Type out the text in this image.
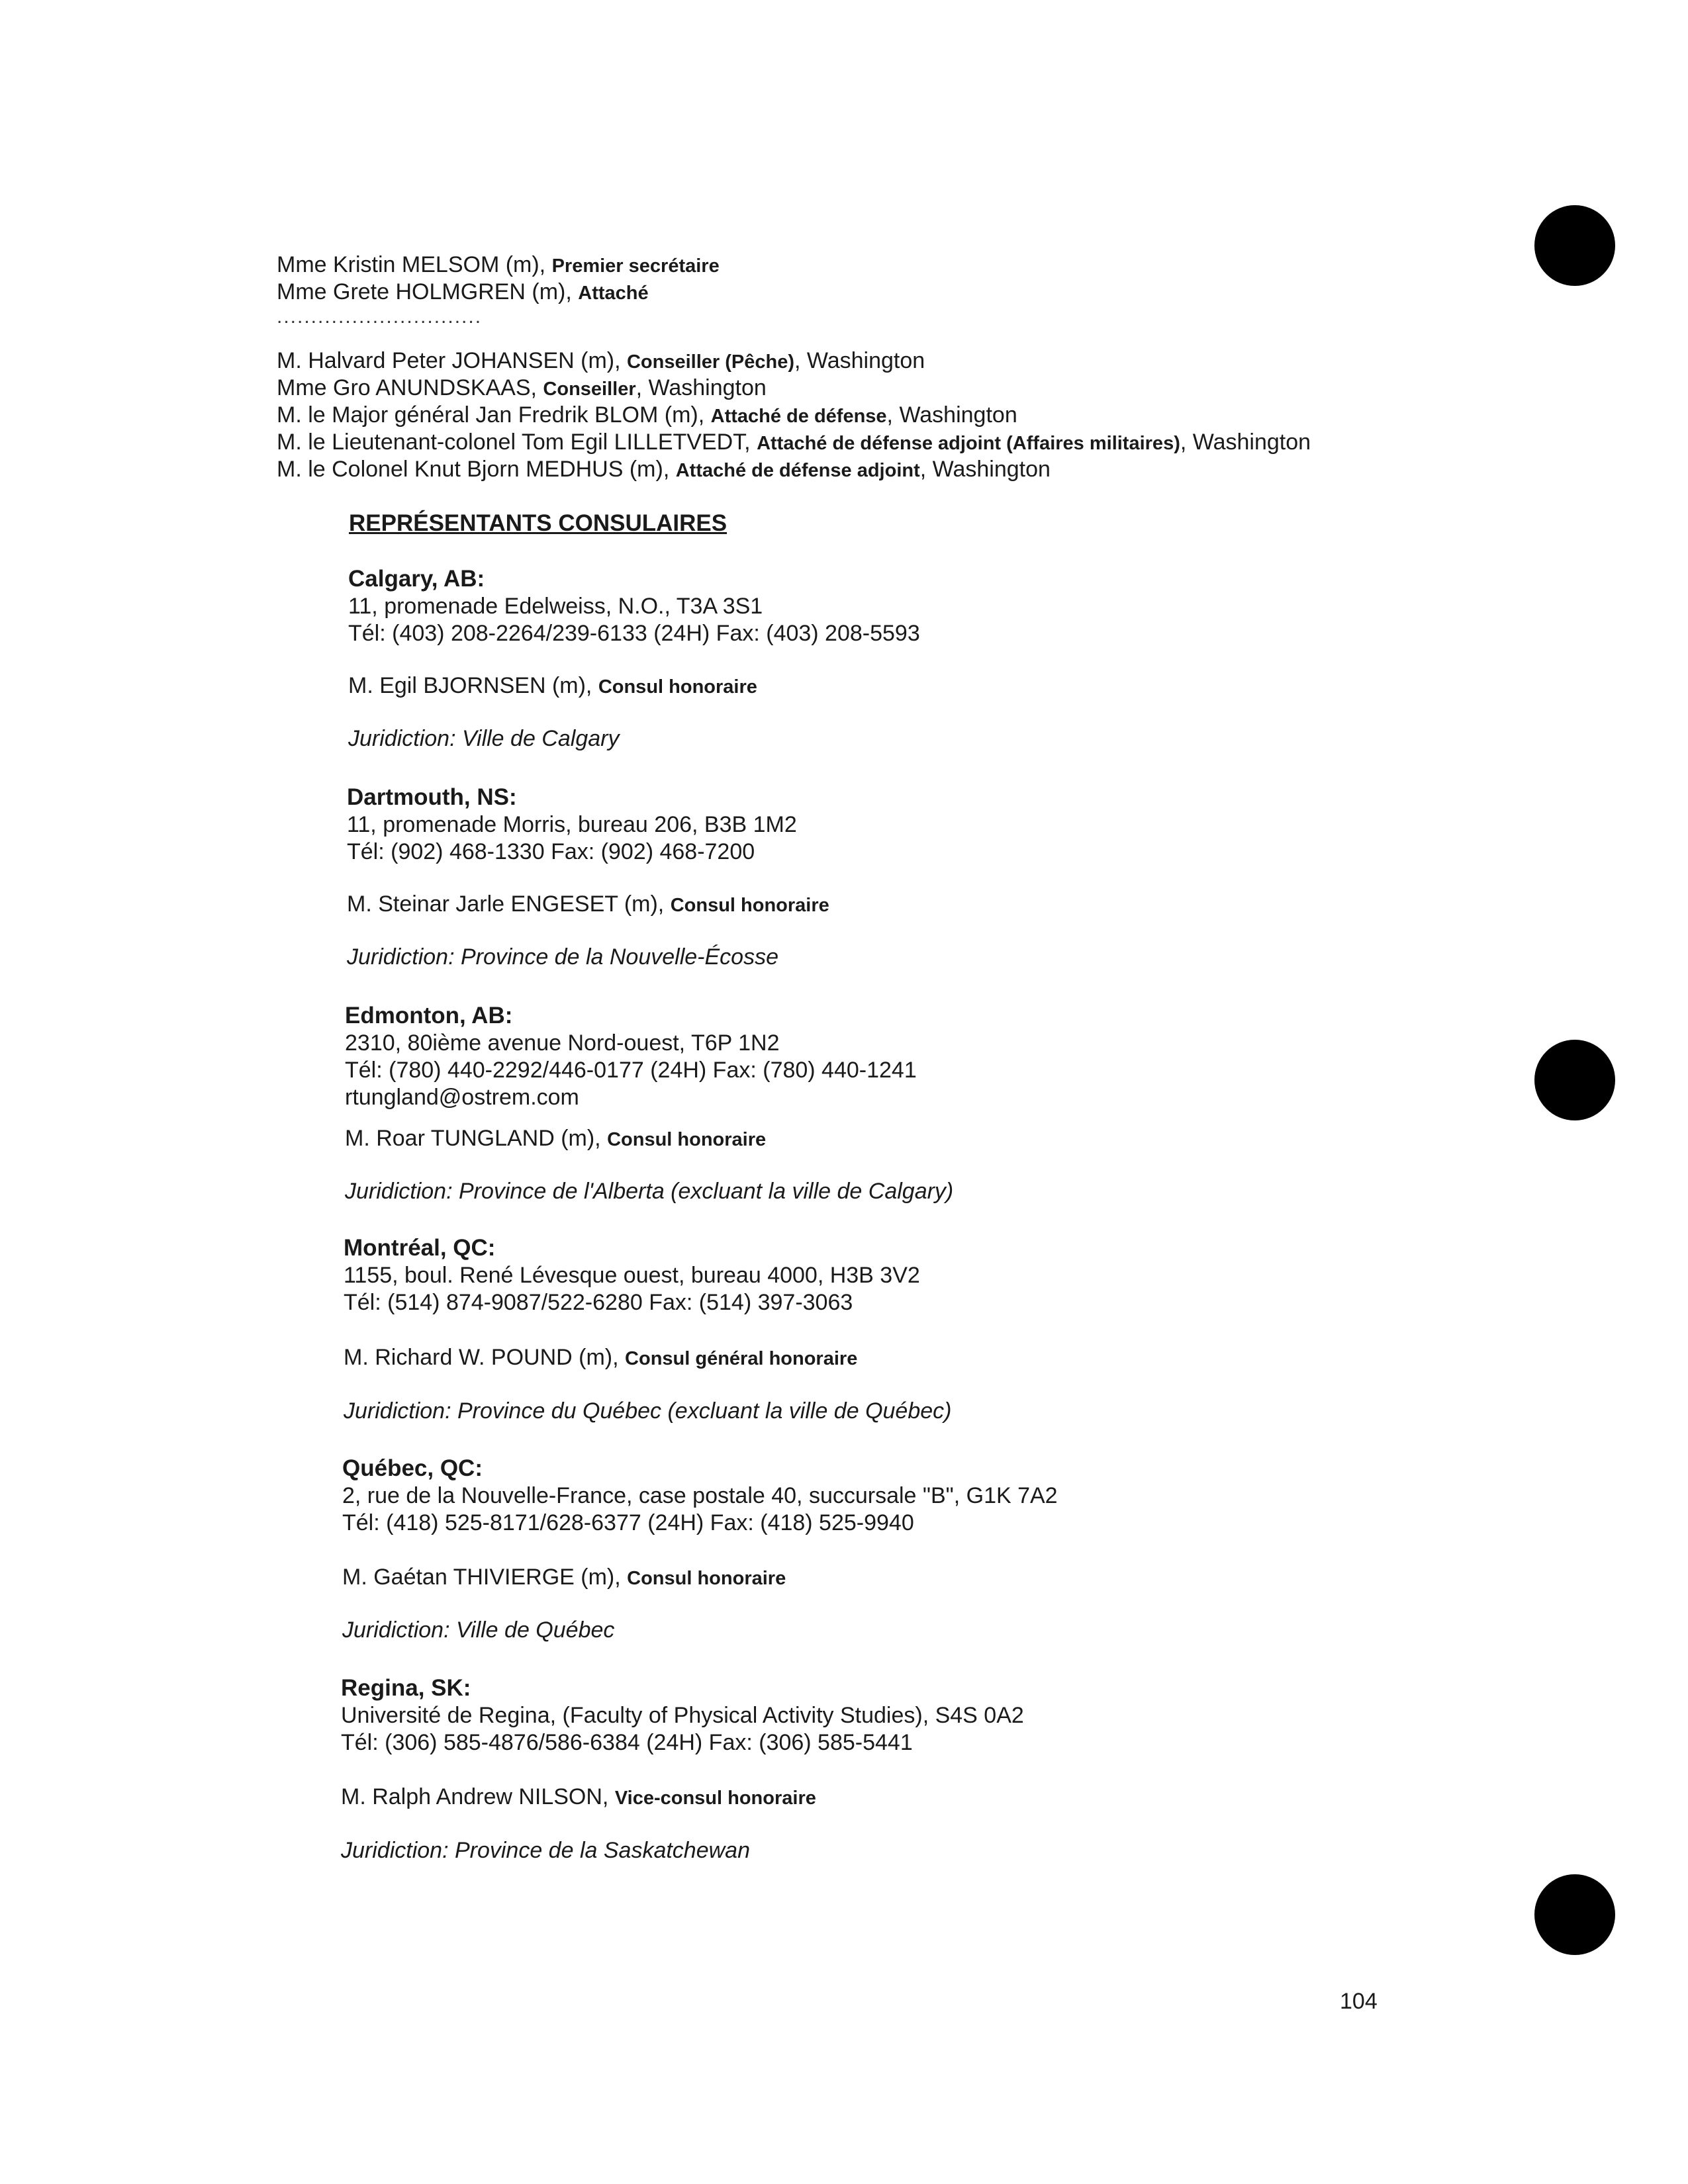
Mme Kristin MELSOM (m), Premier secrétaire
Mme Grete HOLMGREN (m), Attaché
..............................
M. Halvard Peter JOHANSEN (m), Conseiller (Pêche), Washington
Mme Gro ANUNDSKAAS, Conseiller, Washington
M. le Major général Jan Fredrik BLOM (m), Attaché de défense, Washington
M. le Lieutenant-colonel Tom Egil LILLETVEDT, Attaché de défense adjoint (Affaires militaires), Washington
M. le Colonel Knut Bjorn MEDHUS (m), Attaché de défense adjoint, Washington
REPRÉSENTANTS CONSULAIRES
Calgary, AB:
11, promenade Edelweiss, N.O., T3A 3S1
Tél: (403) 208-2264/239-6133 (24H) Fax: (403) 208-5593
M. Egil BJORNSEN (m), Consul honoraire
Juridiction: Ville de Calgary
Dartmouth, NS:
11, promenade Morris, bureau 206, B3B 1M2
Tél: (902) 468-1330 Fax: (902) 468-7200
M. Steinar Jarle ENGESET (m), Consul honoraire
Juridiction: Province de la Nouvelle-Écosse
Edmonton, AB:
2310, 80ième avenue Nord-ouest, T6P 1N2
Tél: (780) 440-2292/446-0177 (24H) Fax: (780) 440-1241
rtungland@ostrem.com
M. Roar TUNGLAND (m), Consul honoraire
Juridiction: Province de l'Alberta (excluant la ville de Calgary)
Montréal, QC:
1155, boul. René Lévesque ouest, bureau 4000, H3B 3V2
Tél: (514) 874-9087/522-6280 Fax: (514) 397-3063
M. Richard W. POUND (m), Consul général honoraire
Juridiction: Province du Québec (excluant la ville de Québec)
Québec, QC:
2, rue de la Nouvelle-France, case postale 40, succursale "B", G1K 7A2
Tél: (418) 525-8171/628-6377 (24H) Fax: (418) 525-9940
M. Gaétan THIVIERGE (m), Consul honoraire
Juridiction: Ville de Québec
Regina, SK:
Université de Regina, (Faculty of Physical Activity Studies), S4S 0A2
Tél: (306) 585-4876/586-6384 (24H) Fax: (306) 585-5441
M. Ralph Andrew NILSON, Vice-consul honoraire
Juridiction: Province de la Saskatchewan
104
